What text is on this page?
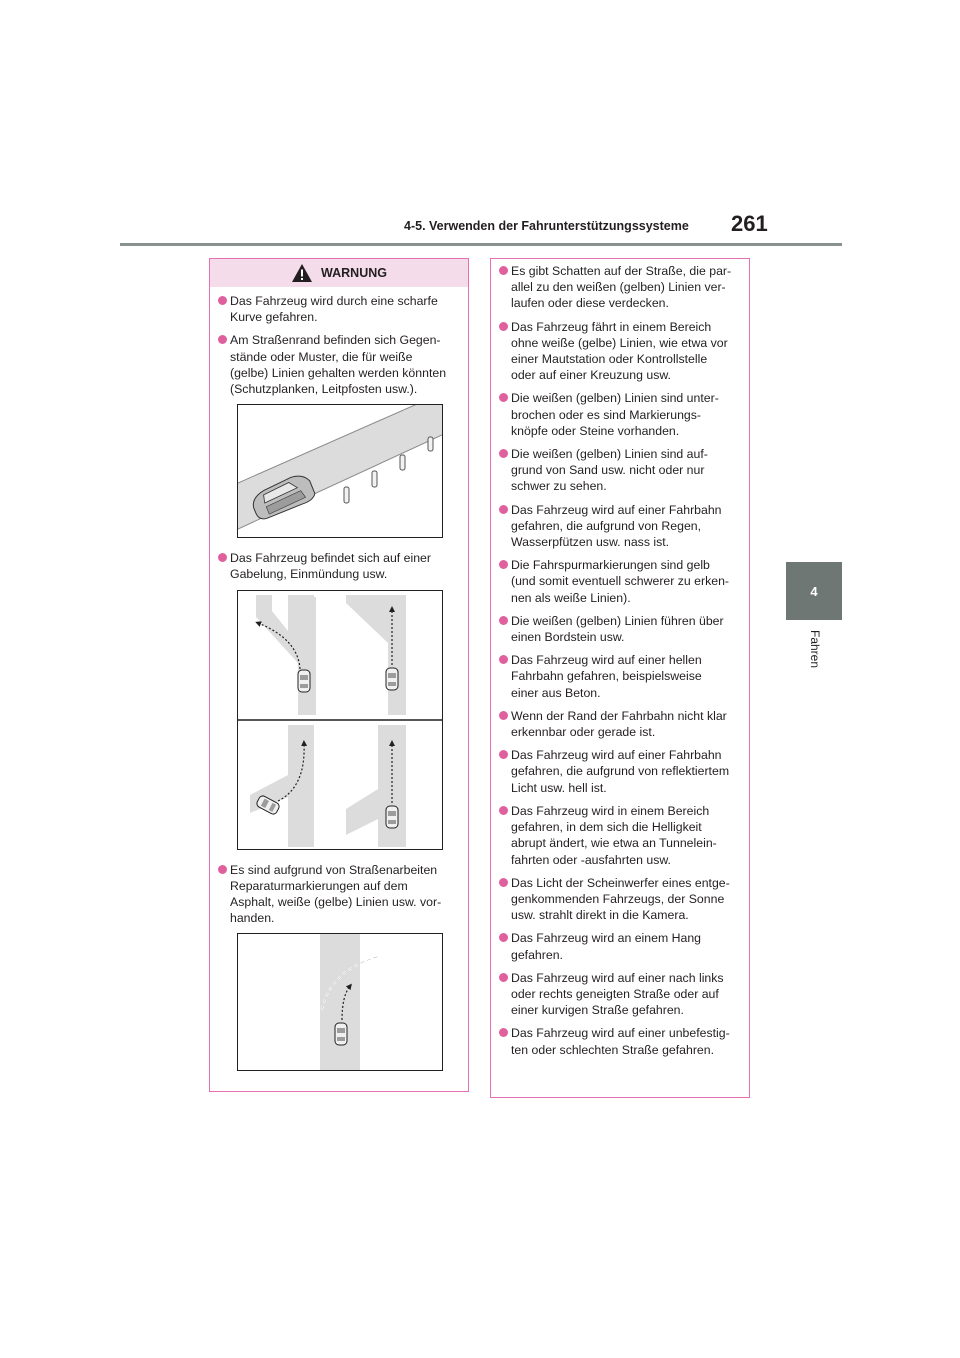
4-5. Verwenden der Fahrunterstützungssysteme 261
4
Fahren
WARNUNG
Das Fahrzeug wird durch eine scharfe
Kurve gefahren.
Am Straßenrand befinden sich Gegen-
stände oder Muster, die für weiße
(gelbe) Linien gehalten werden könnten
(Schutzplanken, Leitpfosten usw.).
Das Fahrzeug befindet sich auf einer
Gabelung, Einmündung usw.
Es sind aufgrund von Straßenarbeiten
Reparaturmarkierungen auf dem
Asphalt, weiße (gelbe) Linien usw. vor-
handen.
Es gibt Schatten auf der Straße, die par-
allel zu den weißen (gelben) Linien ver-
laufen oder diese verdecken.
Das Fahrzeug fährt in einem Bereich
ohne weiße (gelbe) Linien, wie etwa vor
einer Mautstation oder Kontrollstelle
oder auf einer Kreuzung usw.
Die weißen (gelben) Linien sind unter-
brochen oder es sind Markierungs-
knöpfe oder Steine vorhanden.
Die weißen (gelben) Linien sind auf-
grund von Sand usw. nicht oder nur
schwer zu sehen.
Das Fahrzeug wird auf einer Fahrbahn
gefahren, die aufgrund von Regen,
Wasserpfützen usw. nass ist.
Die Fahrspurmarkierungen sind gelb
(und somit eventuell schwerer zu erken-
nen als weiße Linien).
Die weißen (gelben) Linien führen über
einen Bordstein usw.
Das Fahrzeug wird auf einer hellen
Fahrbahn gefahren, beispielsweise
einer aus Beton.
Wenn der Rand der Fahrbahn nicht klar
erkennbar oder gerade ist.
Das Fahrzeug wird auf einer Fahrbahn
gefahren, die aufgrund von reflektiertem
Licht usw. hell ist.
Das Fahrzeug wird in einem Bereich
gefahren, in dem sich die Helligkeit
abrupt ändert, wie etwa an Tunnelein-
fahrten oder -ausfahrten usw.
Das Licht der Scheinwerfer eines entge-
genkommenden Fahrzeugs, der Sonne
usw. strahlt direkt in die Kamera.
Das Fahrzeug wird an einem Hang
gefahren.
Das Fahrzeug wird auf einer nach links
oder rechts geneigten Straße oder auf
einer kurvigen Straße gefahren.
Das Fahrzeug wird auf einer unbefestig-
ten oder schlechten Straße gefahren.
